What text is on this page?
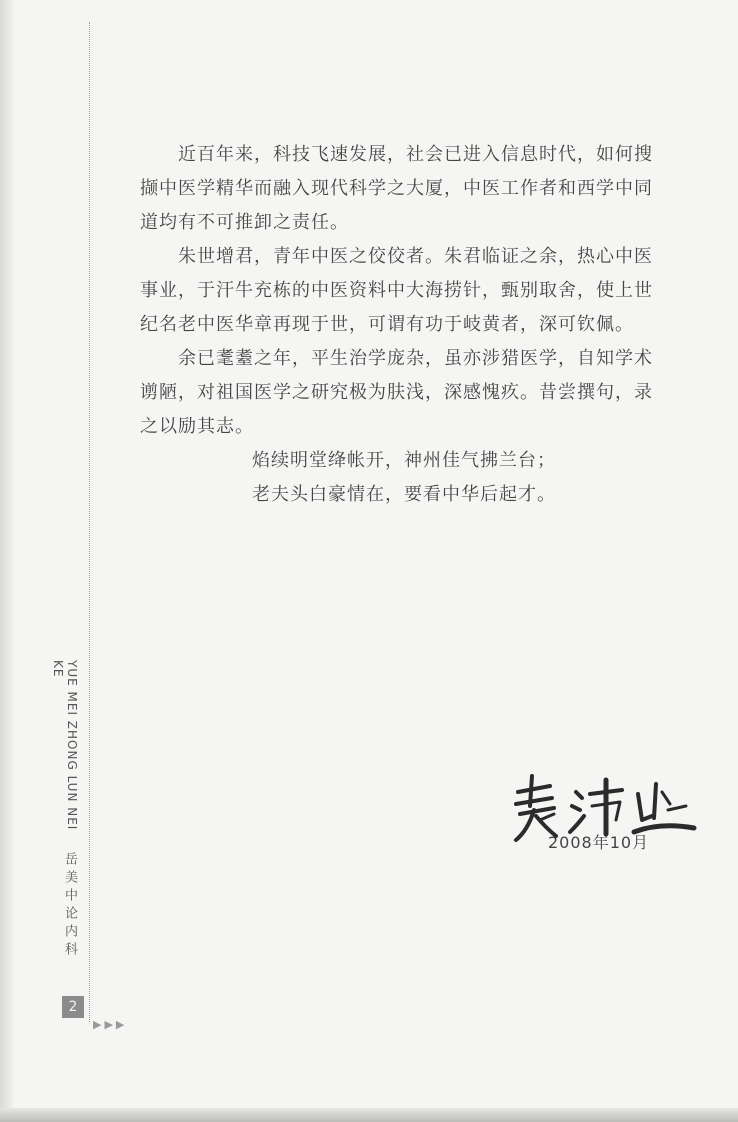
近百年来，科技飞速发展，社会已进入信息时代，如何搜撷中医学精华而融入现代科学之大厦，中医工作者和西学中同道均有不可推卸之责任。

朱世增君，青年中医之佼佼者。朱君临证之余，热心中医事业，于汗牛充栋的中医资料中大海捞针，甄别取舍，使上世纪名老中医华章再现于世，可谓有功于岐黄者，深可钦佩。

余已耄耋之年，平生治学庞杂，虽亦涉猎医学，自知学术谫陋，对祖国医学之研究极为肤浅，深感愧疚。昔尝撰句，录之以励其志。

焰续明堂绛帐开，神州佳气拂兰台；
老夫头白豪情在，要看中华后起才。

2008年10月
YUE MEI ZHONG LUN NEI KE
岳美中论内科
2
▶▶▶
